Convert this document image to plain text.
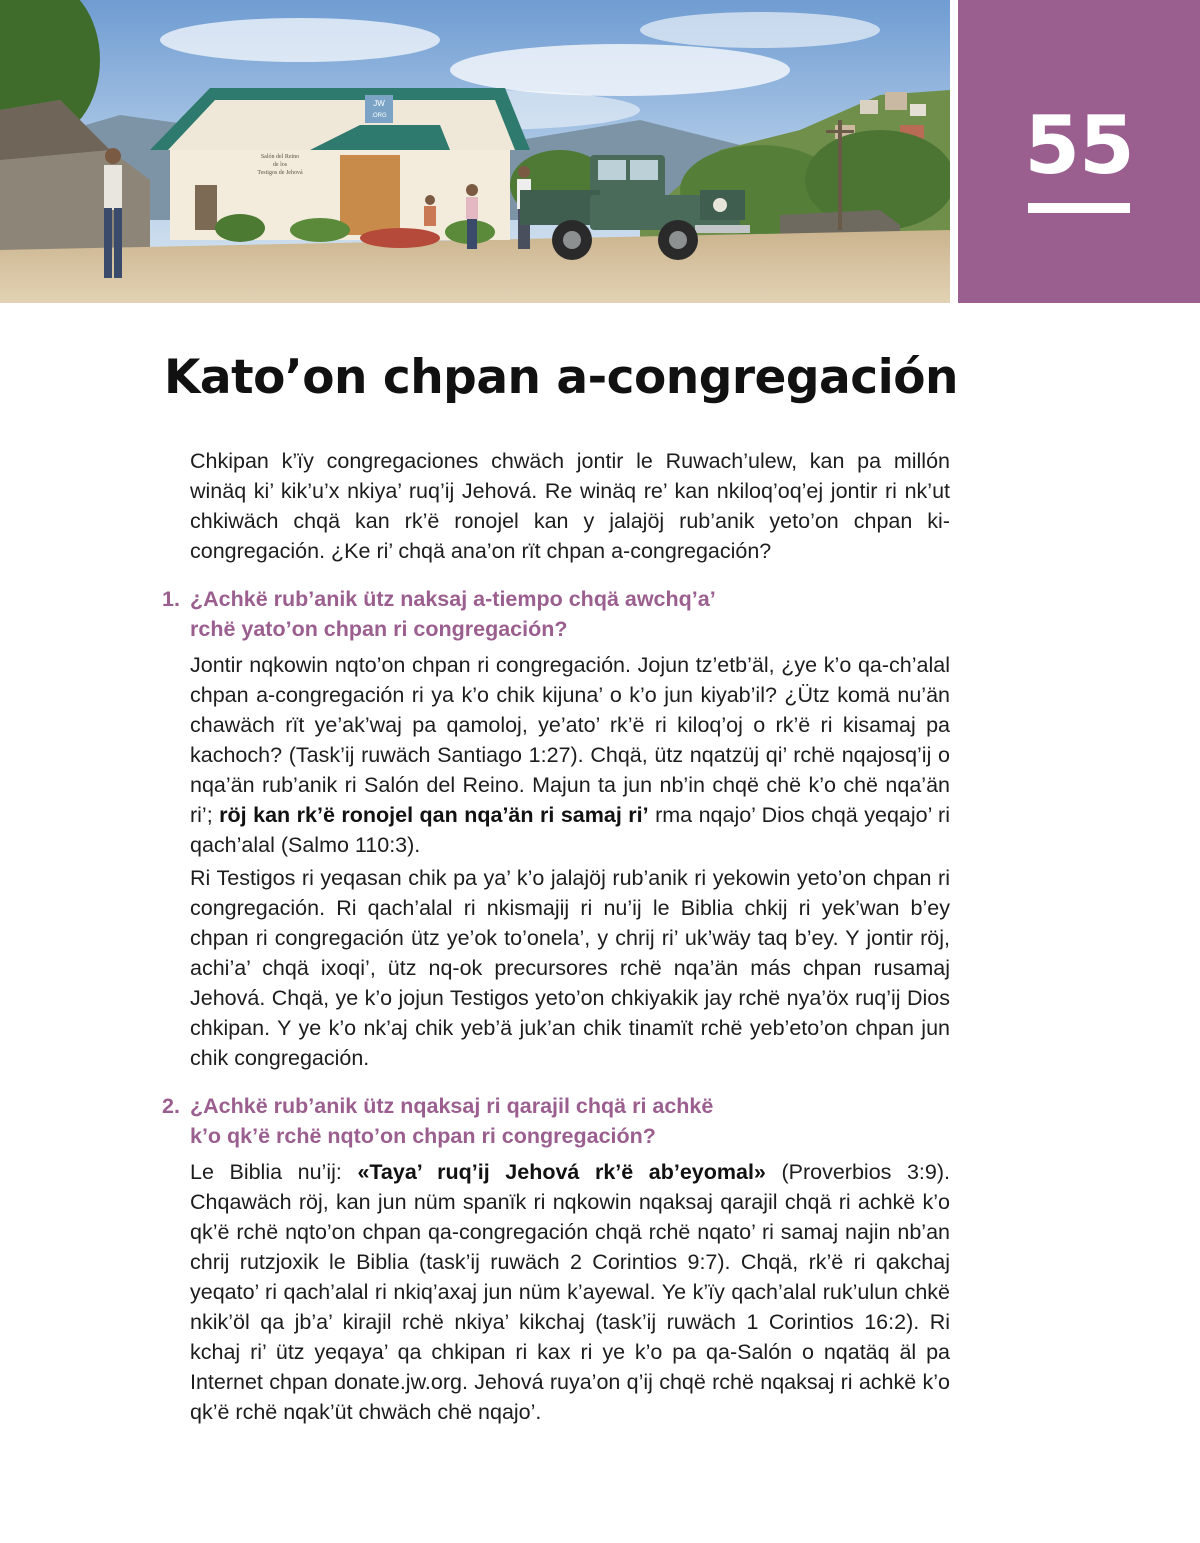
JW
.ORG
Salón del Reino
de los
Testigos de Jehová	55
Kato’on chpan a-congregación

Chkipan k’ïy congregaciones chwäch jontir le Ruwach’ulew, kan pa millón winäq ki’ kik’u’x nkiya’ ruq’ij Jehová. Re winäq re’ kan nkiloq’oq’ej jontir ri nk’ut chkiwäch chqä kan rk’ë ronojel kan y jalajöj rub’anik yeto’on chpan ki-congregación. ¿Ke ri’ chqä ana’on rït chpan a-congregación?

1. ¿Achkë rub’anik ütz naksaj a-tiempo chqä awchq’a’
rchë yato’on chpan ri congregación?

Jontir nqkowin nqto’on chpan ri congregación. Jojun tz’etb’äl, ¿ye k’o qa-ch’alal chpan a-congregación ri ya k’o chik kijuna’ o k’o jun kiyab’il? ¿Ütz komä nu’än chawäch rït ye’ak’waj pa qamoloj, ye’ato’ rk’ë ri kiloq’oj o rk’ë ri kisamaj pa kachoch? (Task’ij ruwäch Santiago 1:27). Chqä, ütz nqatzüj qi’ rchë nqajosq’ij o nqa’än rub’anik ri Salón del Reino. Majun ta jun nb’in chqë chë k’o chë nqa’än ri’; röj kan rk’ë ronojel qan nqa’än ri samaj ri’ rma nqajo’ Dios chqä yeqajo’ ri qach’alal (Salmo 110:3).

Ri Testigos ri yeqasan chik pa ya’ k’o jalajöj rub’anik ri yekowin yeto’on chpan ri congregación. Ri qach’alal ri nkismajij ri nu’ij le Biblia chkij ri yek’wan b’ey chpan ri congregación ütz ye’ok to’onela’, y chrij ri’ uk’wäy taq b’ey. Y jontir röj, achi’a’ chqä ixoqi’, ütz nq-ok precursores rchë nqa’än más chpan rusamaj Jehová. Chqä, ye k’o jojun Testigos yeto’on chkiyakik jay rchë nya’öx ruq’ij Dios chkipan. Y ye k’o nk’aj chik yeb’ä juk’an chik tinamït rchë yeb’eto’on chpan jun chik congregación.

2. ¿Achkë rub’anik ütz nqaksaj ri qarajil chqä ri achkë
k’o qk’ë rchë nqto’on chpan ri congregación?

Le Biblia nu’ij: «Taya’ ruq’ij Jehová rk’ë ab’eyomal» (Proverbios 3:9). Chqawäch röj, kan jun nüm spanïk ri nqkowin nqaksaj qarajil chqä ri achkë k’o qk’ë rchë nqto’on chpan qa-congregación chqä rchë nqato’ ri samaj najin nb’an chrij rutzjoxik le Biblia (task’ij ruwäch 2 Corintios 9:7). Chqä, rk’ë ri qakchaj yeqato’ ri qach’alal ri nkiq’axaj jun nüm k’ayewal. Ye k’ïy qach’alal ruk’ulun chkë nkik’öl qa jb’a’ kirajil rchë nkiya’ kikchaj (task’ij ruwäch 1 Corintios 16:2). Ri kchaj ri’ ütz yeqaya’ qa chkipan ri kax ri ye k’o pa qa-Salón o nqatäq äl pa Internet chpan donate.jw.org. Jehová ruya’on q’ij chqë rchë nqaksaj ri achkë k’o qk’ë rchë nqak’üt chwäch chë nqajo’.
